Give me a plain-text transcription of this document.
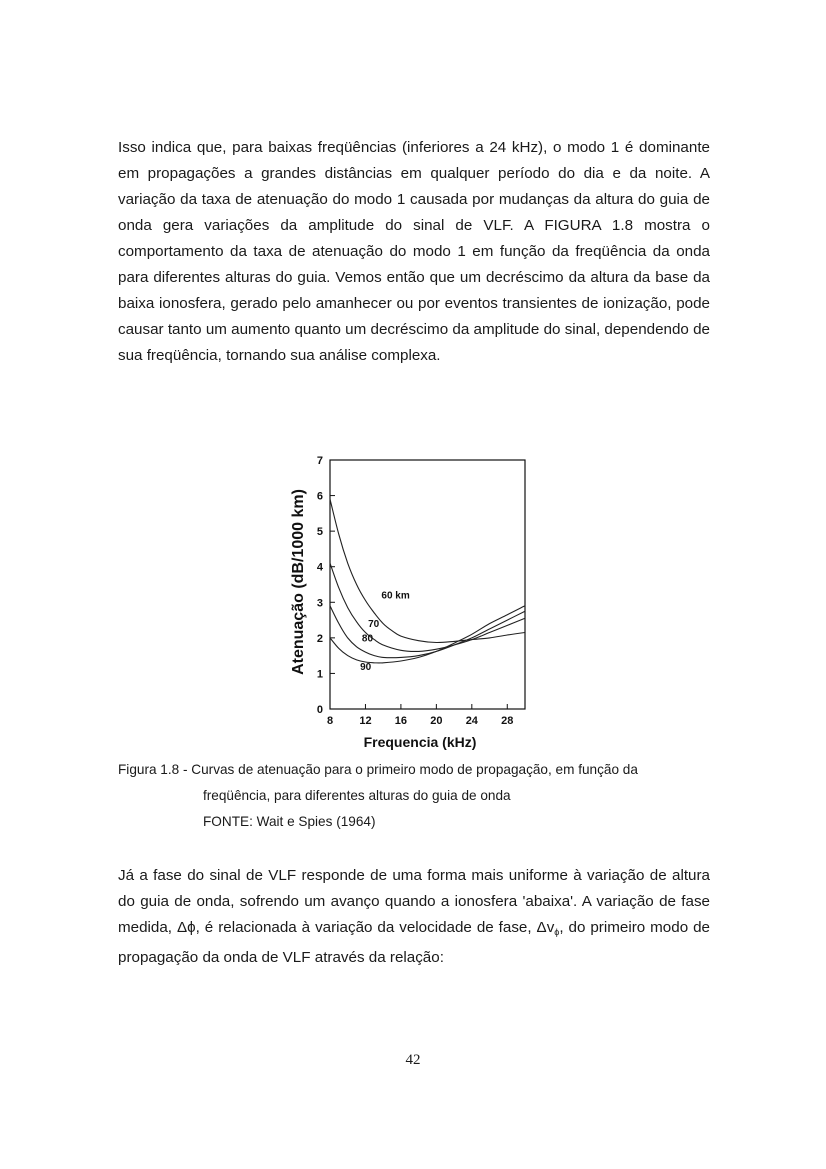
Isso indica que, para baixas freqüências (inferiores a 24 kHz), o modo 1 é dominante em propagações a grandes distâncias em qualquer período do dia e da noite. A variação da taxa de atenuação do modo 1 causada por mudanças da altura do guia de onda gera variações da amplitude do sinal de VLF. A FIGURA 1.8 mostra o comportamento da taxa de atenuação do modo 1 em função da freqüência da onda para diferentes alturas do guia. Vemos então que um decréscimo da altura da base da baixa ionosfera, gerado pelo amanhecer ou por eventos transientes de ionização, pode causar tanto um aumento quanto um decréscimo da amplitude do sinal, dependendo de sua freqüência, tornando sua análise complexa.

0
1
2
3
4
5
6
7
8 12 16 20 24 28
60 km
70
80
90
Atenuação (dB/1000 km)
Frequencia (kHz)
Figura 1.8 - Curvas de atenuação para o primeiro modo de propagação, em função da
freqüência, para diferentes alturas do guia de onda
FONTE: Wait e Spies (1964)

Já a fase do sinal de VLF responde de uma forma mais uniforme à variação de altura do guia de onda, sofrendo um avanço quando a ionosfera 'abaixa'. A variação de fase medida, Δϕ, é relacionada à variação da velocidade de fase, $\Delta v_\phi$, do primeiro modo de propagação da onda de VLF através da relação:

42
